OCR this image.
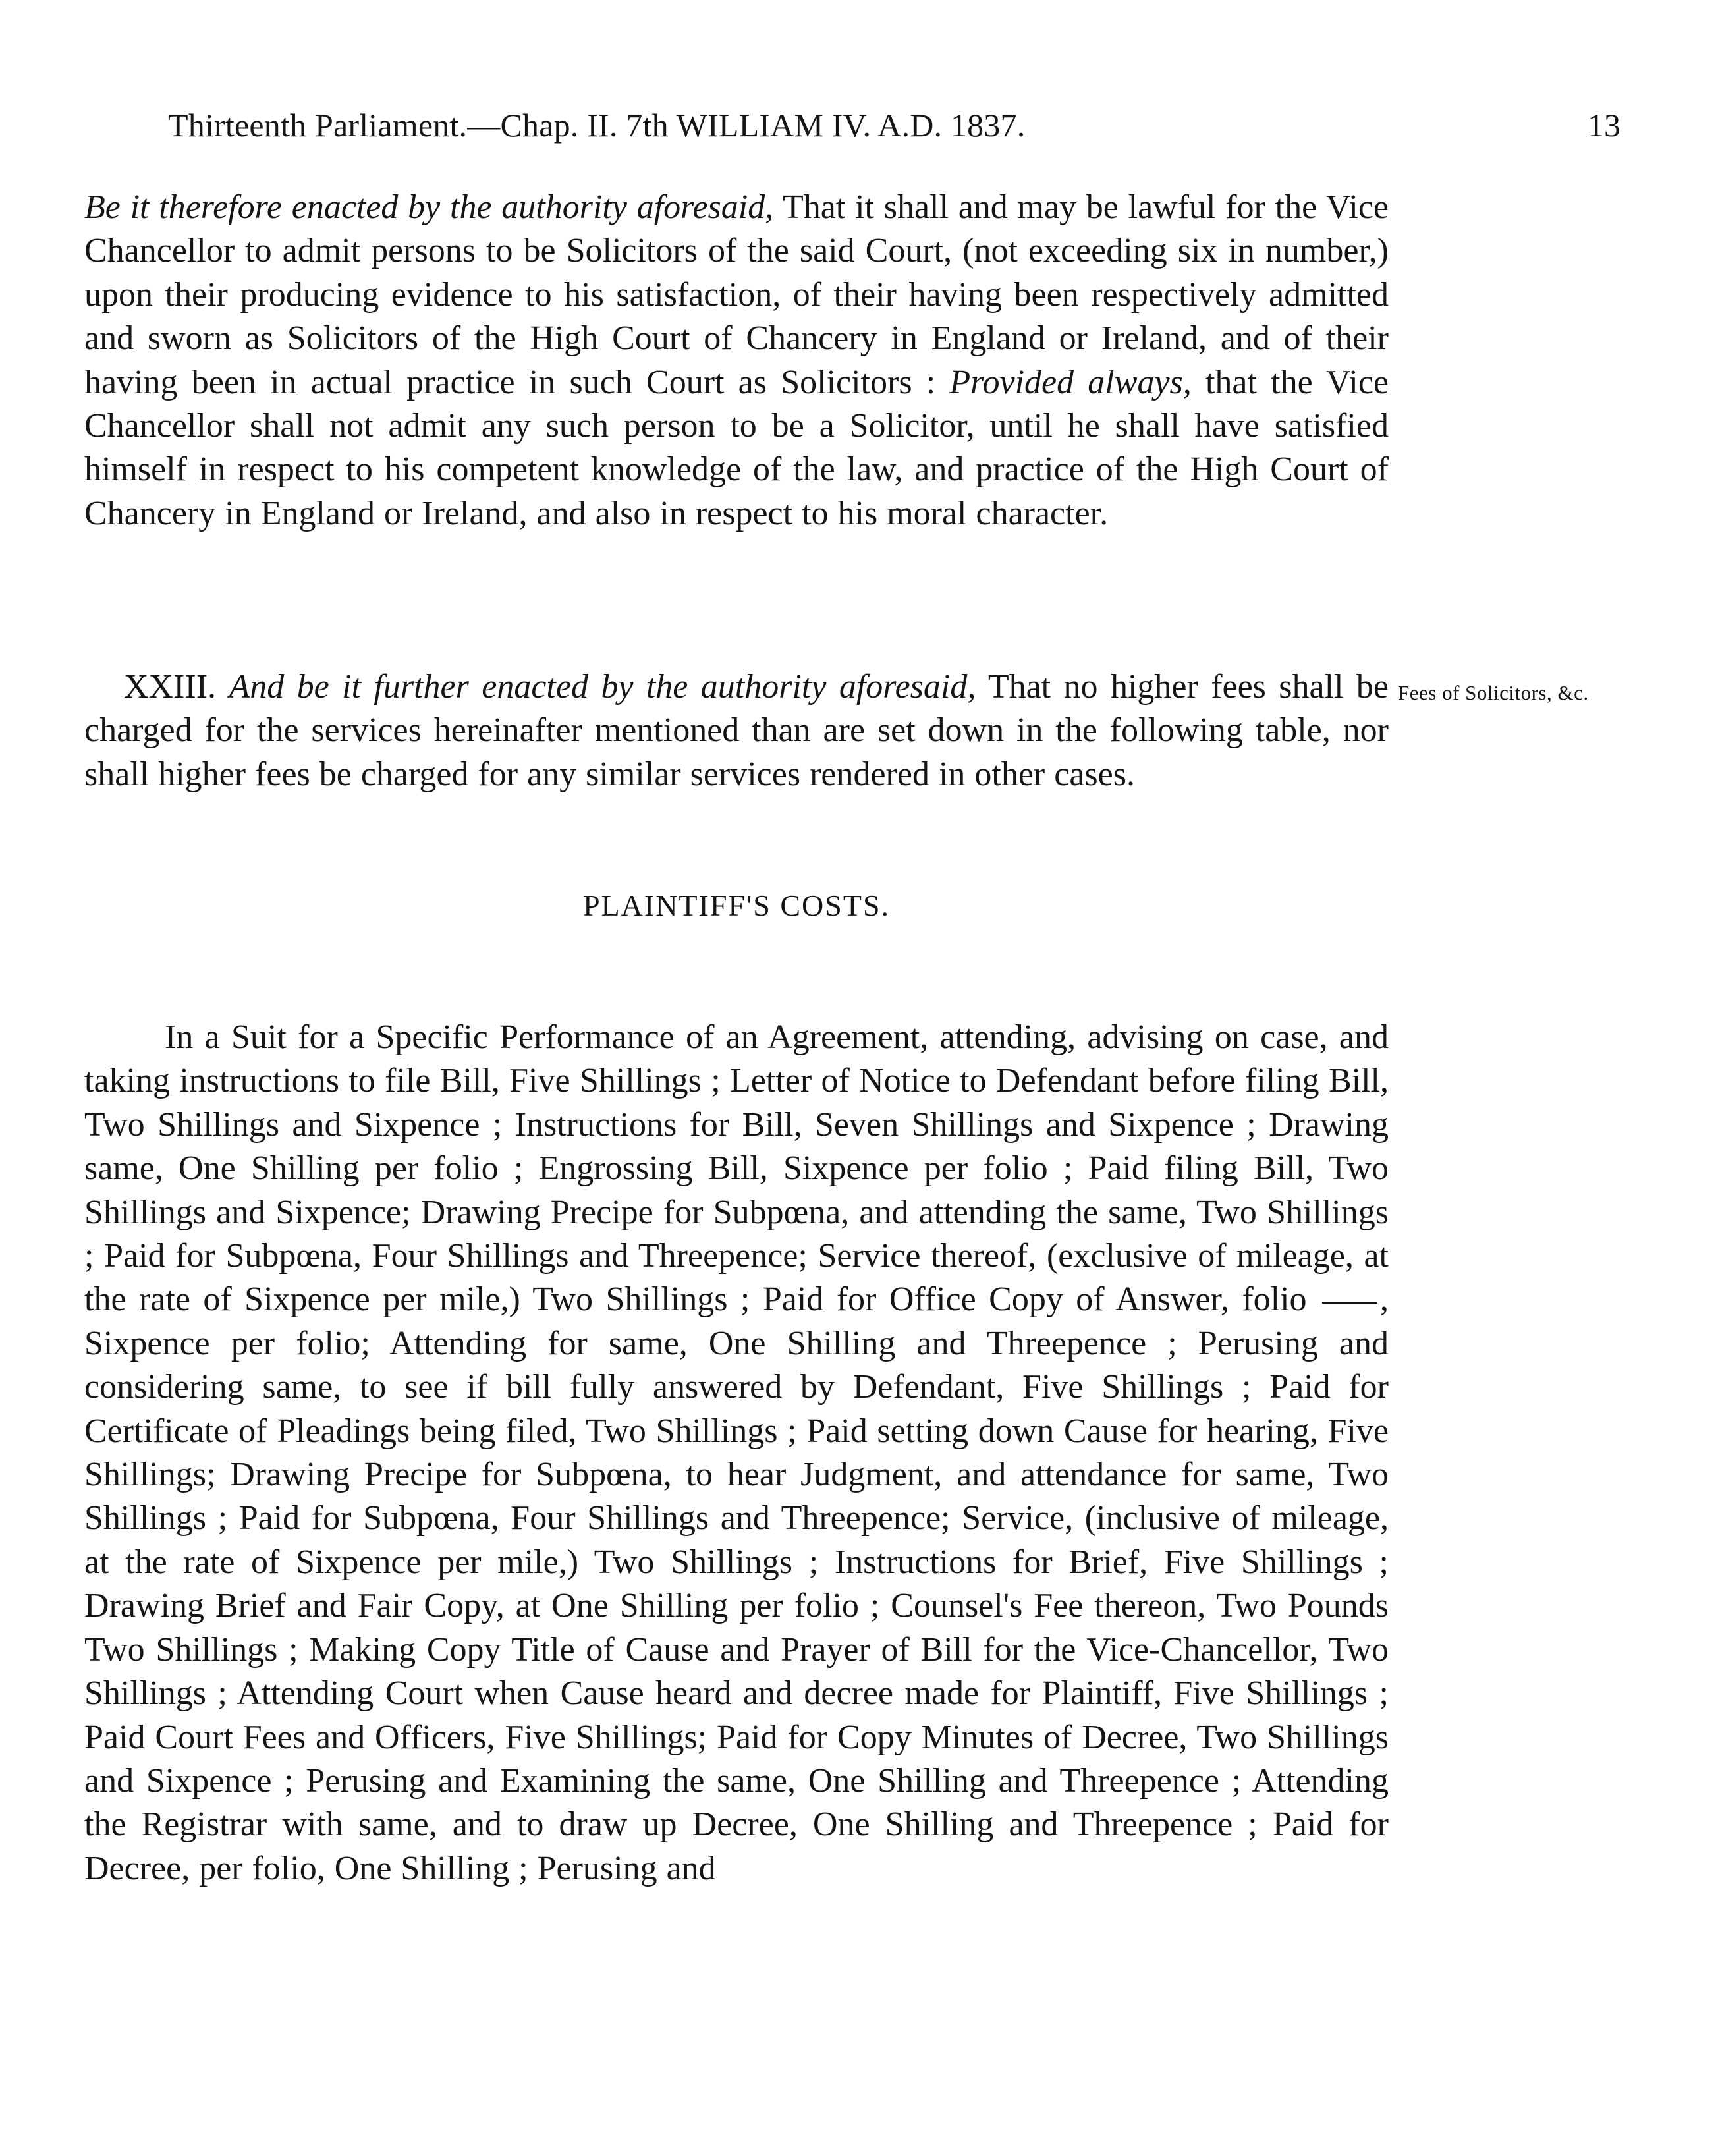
Thirteenth Parliament.—Chap. II. 7th WILLIAM IV. A.D. 1837.	13

Be it therefore enacted by the authority aforesaid, That it shall and may be lawful for the Vice Chancellor to admit persons to be Solicitors of the said Court, (not exceeding six in number,) upon their producing evidence to his satisfaction, of their having been respectively admitted and sworn as Solicitors of the High Court of Chancery in England or Ireland, and of their having been in actual practice in such Court as Solicitors : Provided always, that the Vice Chancellor shall not admit any such person to be a Solicitor, until he shall have satisfied himself in respect to his competent knowledge of the law, and practice of the High Court of Chancery in England or Ireland, and also in respect to his moral character.

XXIII. And be it further enacted by the authority aforesaid, That no higher fees shall be charged for the services hereinafter mentioned than are set down in the following table, nor shall higher fees be charged for any similar services rendered in other cases.

Fees of Solicitors, &c.
PLAINTIFF'S COSTS.

In a Suit for a Specific Performance of an Agreement, attending, advising on case, and taking instructions to file Bill, Five Shillings ; Letter of Notice to Defendant before filing Bill, Two Shillings and Sixpence ; Instructions for Bill, Seven Shillings and Sixpence ; Drawing same, One Shilling per folio ; Engrossing Bill, Sixpence per folio ; Paid filing Bill, Two Shillings and Sixpence; Drawing Precipe for Subpœna, and attending the same, Two Shillings ; Paid for Subpœna, Four Shillings and Threepence; Service thereof, (exclusive of mileage, at the rate of Sixpence per mile,) Two Shillings ; Paid for Office Copy of Answer, folio , Sixpence per folio; Attending for same, One Shilling and Threepence ; Perusing and considering same, to see if bill fully answered by Defendant, Five Shillings ; Paid for Certificate of Pleadings being filed, Two Shillings ; Paid setting down Cause for hearing, Five Shillings; Drawing Precipe for Subpœna, to hear Judgment, and attendance for same, Two Shillings ; Paid for Subpœna, Four Shillings and Threepence; Service, (inclusive of mileage, at the rate of Sixpence per mile,) Two Shillings ; Instructions for Brief, Five Shillings ; Drawing Brief and Fair Copy, at One Shilling per folio ; Counsel's Fee thereon, Two Pounds Two Shillings ; Making Copy Title of Cause and Prayer of Bill for the Vice-Chancellor, Two Shillings ; Attending Court when Cause heard and decree made for Plaintiff, Five Shillings ; Paid Court Fees and Officers, Five Shillings; Paid for Copy Minutes of Decree, Two Shillings and Sixpence ; Perusing and Examining the same, One Shilling and Threepence ; Attending the Registrar with same, and to draw up Decree, One Shilling and Threepence ; Paid for Decree, per folio, One Shilling ; Perusing and
